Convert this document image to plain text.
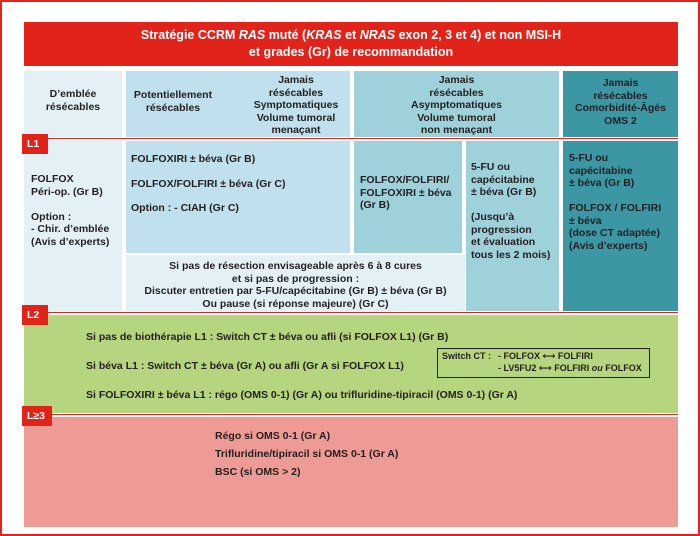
Stratégie CCRM RAS muté (KRAS et NRAS exon 2, 3 et 4) et non MSI-H
et grades (Gr) de recommandation
D’emblée
résécables
Potentiellement
résécables
Jamais
résécables
Symptomatiques
Volume tumoral
menaçant
Jamais
résécables
Asymptomatiques
Volume tumoral
non menaçant
Jamais
résécables
Comorbidité-Âgés
OMS 2
FOLFOX
Péri-op. (Gr B)
Option :
- Chir. d’emblée
(Avis d’experts)
FOLFOXIRI ± béva (Gr B)
FOLFOX/FOLFIRI ± béva (Gr C)
Option : - CIAH (Gr C)
Si pas de résection envisageable après 6 à 8 cures
et si pas de progression :
Discuter entretien par 5-FU/capécitabine (Gr B) ± béva (Gr B)
Ou pause (si réponse majeure) (Gr C)
FOLFOX/FOLFIRI/
FOLFOXIRI ± béva
(Gr B)
5-FU ou
capécitabine
± béva (Gr B)
(Jusqu’à
progression
et évaluation
tous les 2 mois)
5-FU ou
capécitabine
± béva (Gr B)
FOLFOX / FOLFIRI
± béva
(dose CT adaptée)
(Avis d’experts)
Si pas de biothérapie L1 : Switch CT ± béva ou afli (si FOLFOX L1) (Gr B)
Si béva L1 : Switch CT ± béva (Gr A) ou afli (Gr A si FOLFOX L1)
Si FOLFOXIRI ± béva L1 : régo (OMS 0-1) (Gr A) ou trifluridine-tipiracil (OMS 0-1) (Gr A)
Switch CT : - FOLFOX ⟷ FOLFIRI
- LV5FU2 ⟷ FOLFIRI ou FOLFOX
Régo si OMS 0-1 (Gr A)
Trifluridine/tipiracil si OMS 0-1 (Gr A)
BSC (si OMS > 2)
L1
L2
L≥3
